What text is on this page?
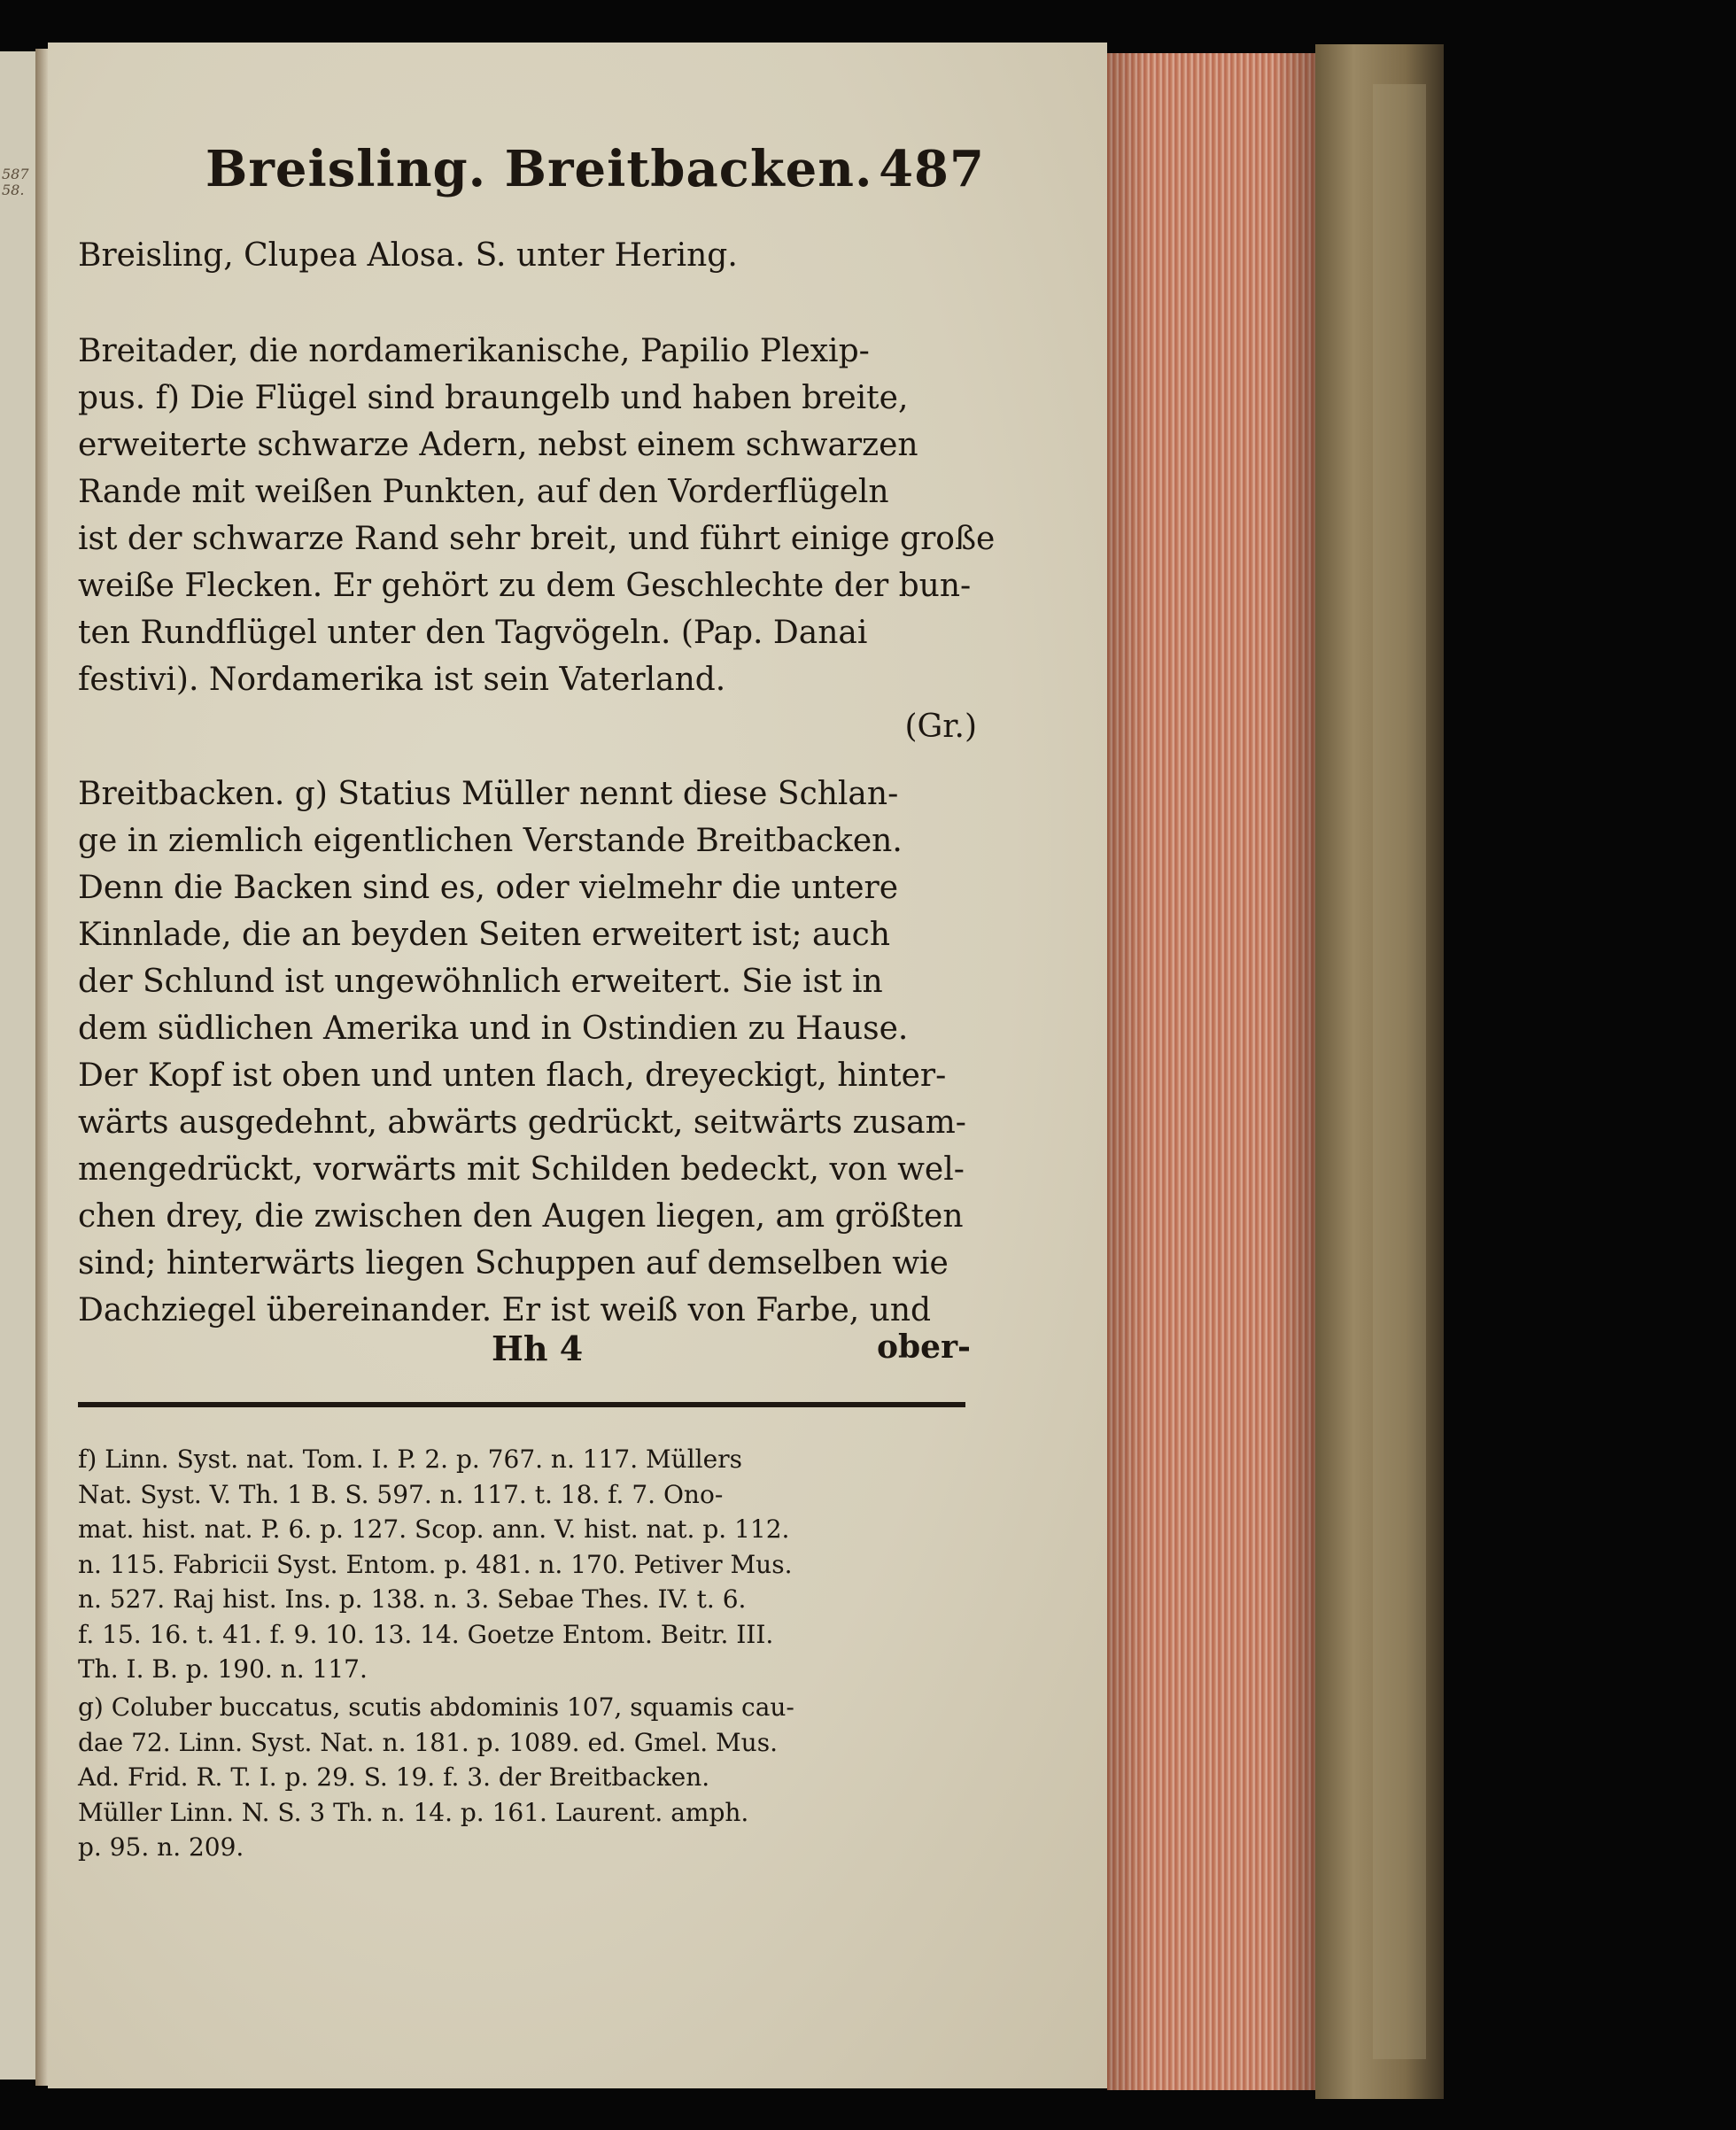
587
58.	Breisling. Breitbacken. 487
Breisling, Clupea Alosa. S. unter Hering.
Breitader, die nordamerikanische, Papilio Plexip-
pus. f) Die Flügel sind braungelb und haben breite,
erweiterte schwarze Adern, nebst einem schwarzen
Rande mit weißen Punkten, auf den Vorderflügeln
ist der schwarze Rand sehr breit, und führt einige große
weiße Flecken. Er gehört zu dem Geschlechte der bun-
ten Rundflügel unter den Tagvögeln. (Pap. Danai
festivi). Nordamerika ist sein Vaterland.
(Gr.)
Breitbacken. g) Statius Müller nennt diese Schlan-
ge in ziemlich eigentlichen Verstande Breitbacken.
Denn die Backen sind es, oder vielmehr die untere
Kinnlade, die an beyden Seiten erweitert ist; auch
der Schlund ist ungewöhnlich erweitert. Sie ist in
dem südlichen Amerika und in Ostindien zu Hause.
Der Kopf ist oben und unten flach, dreyeckigt, hinter-
wärts ausgedehnt, abwärts gedrückt, seitwärts zusam-
mengedrückt, vorwärts mit Schilden bedeckt, von wel-
chen drey, die zwischen den Augen liegen, am größten
sind; hinterwärts liegen Schuppen auf demselben wie
Dachziegel übereinander. Er ist weiß von Farbe, und
Hh 4	ober-
f) Linn. Syst. nat. Tom. I. P. 2. p. 767. n. 117. Müllers
Nat. Syst. V. Th. 1 B. S. 597. n. 117. t. 18. f. 7. Ono-
mat. hist. nat. P. 6. p. 127. Scop. ann. V. hist. nat. p. 112.
n. 115. Fabricii Syst. Entom. p. 481. n. 170. Petiver Mus.
n. 527. Raj hist. Ins. p. 138. n. 3. Sebae Thes. IV. t. 6.
f. 15. 16. t. 41. f. 9. 10. 13. 14. Goetze Entom. Beitr. III.
Th. I. B. p. 190. n. 117.
g) Coluber buccatus, scutis abdominis 107, squamis cau-
dae 72. Linn. Syst. Nat. n. 181. p. 1089. ed. Gmel. Mus.
Ad. Frid. R. T. I. p. 29. S. 19. f. 3. der Breitbacken.
Müller Linn. N. S. 3 Th. n. 14. p. 161. Laurent. amph.
p. 95. n. 209.
